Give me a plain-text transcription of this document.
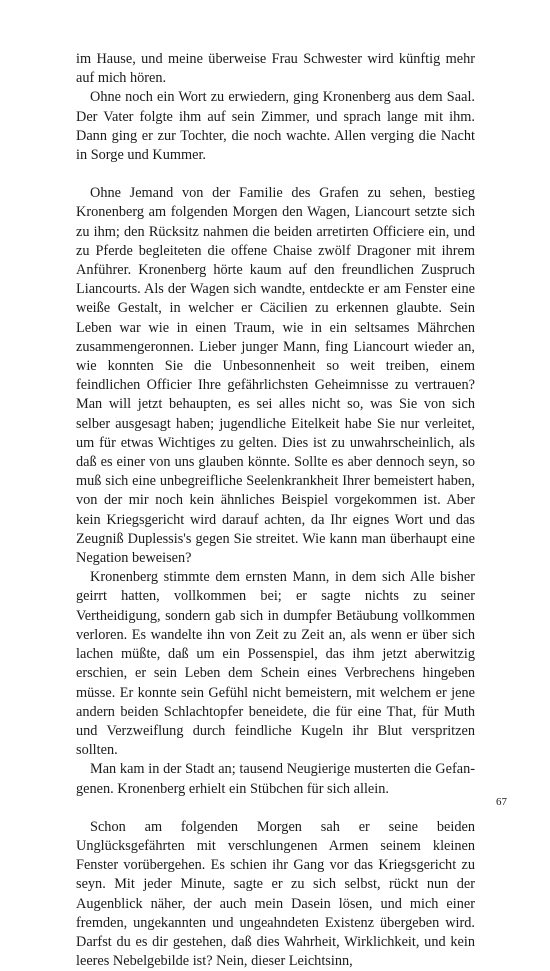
im Hause, und meine überweise Frau Schwester wird künftig mehr auf mich hören.

Ohne noch ein Wort zu erwiedern, ging Kronenberg aus dem Saal. Der Vater folgte ihm auf sein Zimmer, und sprach lange mit ihm. Dann ging er zur Tochter, die noch wachte. Allen verging die Nacht in Sorge und Kummer.

Ohne Jemand von der Familie des Grafen zu sehen, bestieg Kronenberg am folgenden Morgen den Wagen, Liancourt setzte sich zu ihm; den Rücksitz nahmen die beiden arretirten Officiere ein, und zu Pferde begleiteten die offene Chaise zwölf Dragoner mit ihrem Anführer. Kronenberg hörte kaum auf den freundlichen Zuspruch Liancourts. Als der Wagen sich wandte, entdeckte er am Fenster eine weiße Gestalt, in welcher er Cäcilien zu erkennen glaubte. Sein Leben war wie in einen Traum, wie in ein seltsames Mährchen zusammengeronnen. Lieber junger Mann, fing Liancourt wieder an, wie konnten Sie die Unbesonnenheit so weit treiben, einem feindlichen Officier Ihre gefährlichsten Geheimnisse zu vertrauen? Man will jetzt behaupten, es sei alles nicht so, was Sie von sich selber ausgesagt haben; jugendliche Eitelkeit habe Sie nur verleitet, um für etwas Wichtiges zu gelten. Dies ist zu unwahrscheinlich, als daß es einer von uns glauben könnte. Sollte es aber dennoch seyn, so muß sich eine unbegreifliche Seelenkrankheit Ihrer bemeistert haben, von der mir noch kein ähnliches Beispiel vorgekommen ist. Aber kein Kriegsgericht wird darauf achten, da Ihr eignes Wort und das Zeugniß Duplessis's gegen Sie streitet. Wie kann man überhaupt eine Negation beweisen?

Kronenberg stimmte dem ernsten Mann, in dem sich Alle bisher geirrt hatten, vollkommen bei; er sagte nichts zu seiner Vertheidigung, sondern gab sich in dumpfer Betäubung vollkommen verloren. Es wandelte ihn von Zeit zu Zeit an, als wenn er über sich lachen müßte, daß um ein Possenspiel, das ihm jetzt aberwitzig erschien, er sein Leben dem Schein eines Verbrechens hingeben müsse. Er konnte sein Gefühl nicht bemeistern, mit welchem er jene andern beiden Schlachtopfer beneidete, die für eine That, für Muth und Verzweiflung durch feindliche Kugeln ihr Blut verspritzen sollten.

Man kam in der Stadt an; tausend Neugierige musterten die Gefangenen. Kronenberg erhielt ein Stübchen für sich allein.

Schon am folgenden Morgen sah er seine beiden Unglücksgefährten mit verschlungenen Armen seinem kleinen Fenster vorübergehen. Es schien ihr Gang vor das Kriegsgericht zu seyn. Mit jeder Minute, sagte er zu sich selbst, rückt nun der Augenblick näher, der auch mein Dasein lösen, und mich einer fremden, ungekannten und ungeahndeten Existenz übergeben wird. Darfst du es dir gestehen, daß dies Wahrheit, Wirklichkeit, und kein leeres Nebelgebilde ist? Nein, dieser Leichtsinn,

67
